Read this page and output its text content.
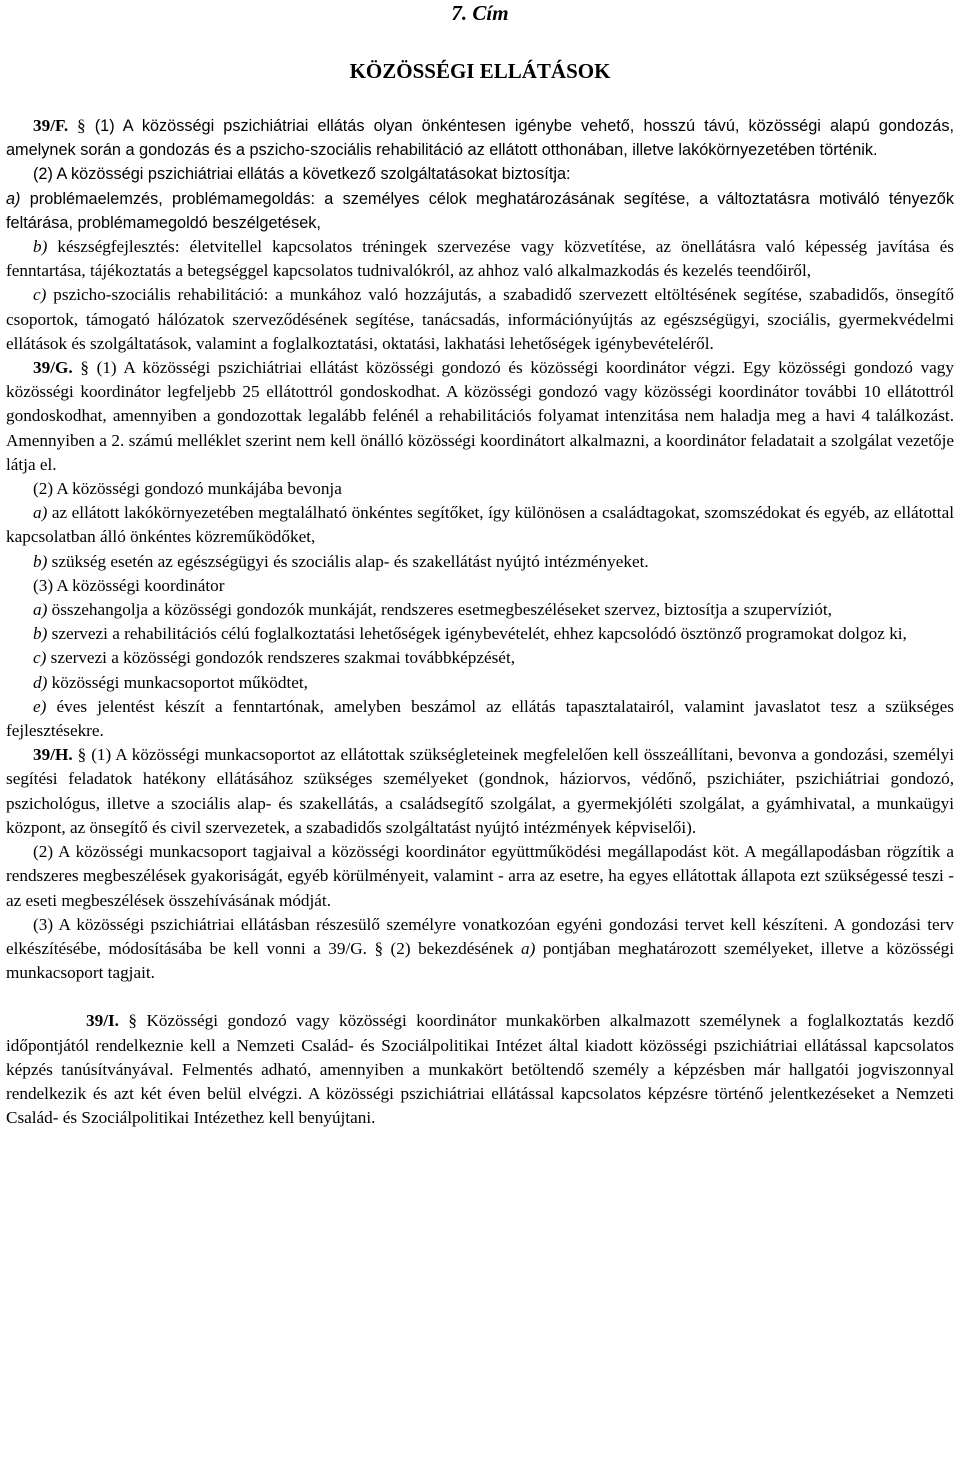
7. Cím
KÖZÖSSÉGI ELLÁTÁSOK

39/F. § (1) A közösségi pszichiátriai ellátás olyan önkéntesen igénybe vehető, hosszú távú, közösségi alapú gondozás, amelynek során a gondozás és a pszicho-szociális rehabilitáció az ellátott otthonában, illetve lakókörnyezetében történik.

(2) A közösségi pszichiátriai ellátás a következő szolgáltatásokat biztosítja:

a) problémaelemzés, problémamegoldás: a személyes célok meghatározásának segítése, a változtatásra motiváló tényezők feltárása, problémamegoldó beszélgetések,

b) készségfejlesztés: életvitellel kapcsolatos tréningek szervezése vagy közvetítése, az önellátásra való képesség javítása és fenntartása, tájékoztatás a betegséggel kapcsolatos tudnivalókról, az ahhoz való alkalmazkodás és kezelés teendőiről,

c) pszicho-szociális rehabilitáció: a munkához való hozzájutás, a szabadidő szervezett eltöltésének segítése, szabadidős, önsegítő csoportok, támogató hálózatok szerveződésének segítése, tanácsadás, információnyújtás az egészségügyi, szociális, gyermekvédelmi ellátások és szolgáltatások, valamint a foglalkoztatási, oktatási, lakhatási lehetőségek igénybevételéről.

39/G. § (1) A közösségi pszichiátriai ellátást közösségi gondozó és közösségi koordinátor végzi. Egy közösségi gondozó vagy közösségi koordinátor legfeljebb 25 ellátottról gondoskodhat. A közösségi gondozó vagy közösségi koordinátor további 10 ellátottról gondoskodhat, amennyiben a gondozottak legalább felénél a rehabilitációs folyamat intenzitása nem haladja meg a havi 4 találkozást. Amennyiben a 2. számú melléklet szerint nem kell önálló közösségi koordinátort alkalmazni, a koordinátor feladatait a szolgálat vezetője látja el.

(2) A közösségi gondozó munkájába bevonja

a) az ellátott lakókörnyezetében megtalálható önkéntes segítőket, így különösen a családtagokat, szomszédokat és egyéb, az ellátottal kapcsolatban álló önkéntes közreműködőket,

b) szükség esetén az egészségügyi és szociális alap- és szakellátást nyújtó intézményeket.

(3) A közösségi koordinátor

a) összehangolja a közösségi gondozók munkáját, rendszeres esetmegbeszéléseket szervez, biztosítja a szupervíziót,

b) szervezi a rehabilitációs célú foglalkoztatási lehetőségek igénybevételét, ehhez kapcsolódó ösztönző programokat dolgoz ki,

c) szervezi a közösségi gondozók rendszeres szakmai továbbképzését,

d) közösségi munkacsoportot működtet,

e) éves jelentést készít a fenntartónak, amelyben beszámol az ellátás tapasztalatairól, valamint javaslatot tesz a szükséges fejlesztésekre.

39/H. § (1) A közösségi munkacsoportot az ellátottak szükségleteinek megfelelően kell összeállítani, bevonva a gondozási, személyi segítési feladatok hatékony ellátásához szükséges személyeket (gondnok, háziorvos, védőnő, pszichiáter, pszichiátriai gondozó, pszichológus, illetve a szociális alap- és szakellátás, a családsegítő szolgálat, a gyermekjóléti szolgálat, a gyámhivatal, a munkaügyi központ, az önsegítő és civil szervezetek, a szabadidős szolgáltatást nyújtó intézmények képviselői).

(2) A közösségi munkacsoport tagjaival a közösségi koordinátor együttműködési megállapodást köt. A megállapodásban rögzítik a rendszeres megbeszélések gyakoriságát, egyéb körülményeit, valamint - arra az esetre, ha egyes ellátottak állapota ezt szükségessé teszi - az eseti megbeszélések összehívásának módját.

(3) A közösségi pszichiátriai ellátásban részesülő személyre vonatkozóan egyéni gondozási tervet kell készíteni. A gondozási terv elkészítésébe, módosításába be kell vonni a 39/G. § (2) bekezdésének a) pontjában meghatározott személyeket, illetve a közösségi munkacsoport tagjait.

39/I. § Közösségi gondozó vagy közösségi koordinátor munkakörben alkalmazott személynek a foglalkoztatás kezdő időpontjától rendelkeznie kell a Nemzeti Család- és Szociálpolitikai Intézet által kiadott közösségi pszichiátriai ellátással kapcsolatos képzés tanúsítványával. Felmentés adható, amennyiben a munkakört betöltendő személy a képzésben már hallgatói jogviszonnyal rendelkezik és azt két éven belül elvégzi. A közösségi pszichiátriai ellátással kapcsolatos képzésre történő jelentkezéseket a Nemzeti Család- és Szociálpolitikai Intézethez kell benyújtani.
